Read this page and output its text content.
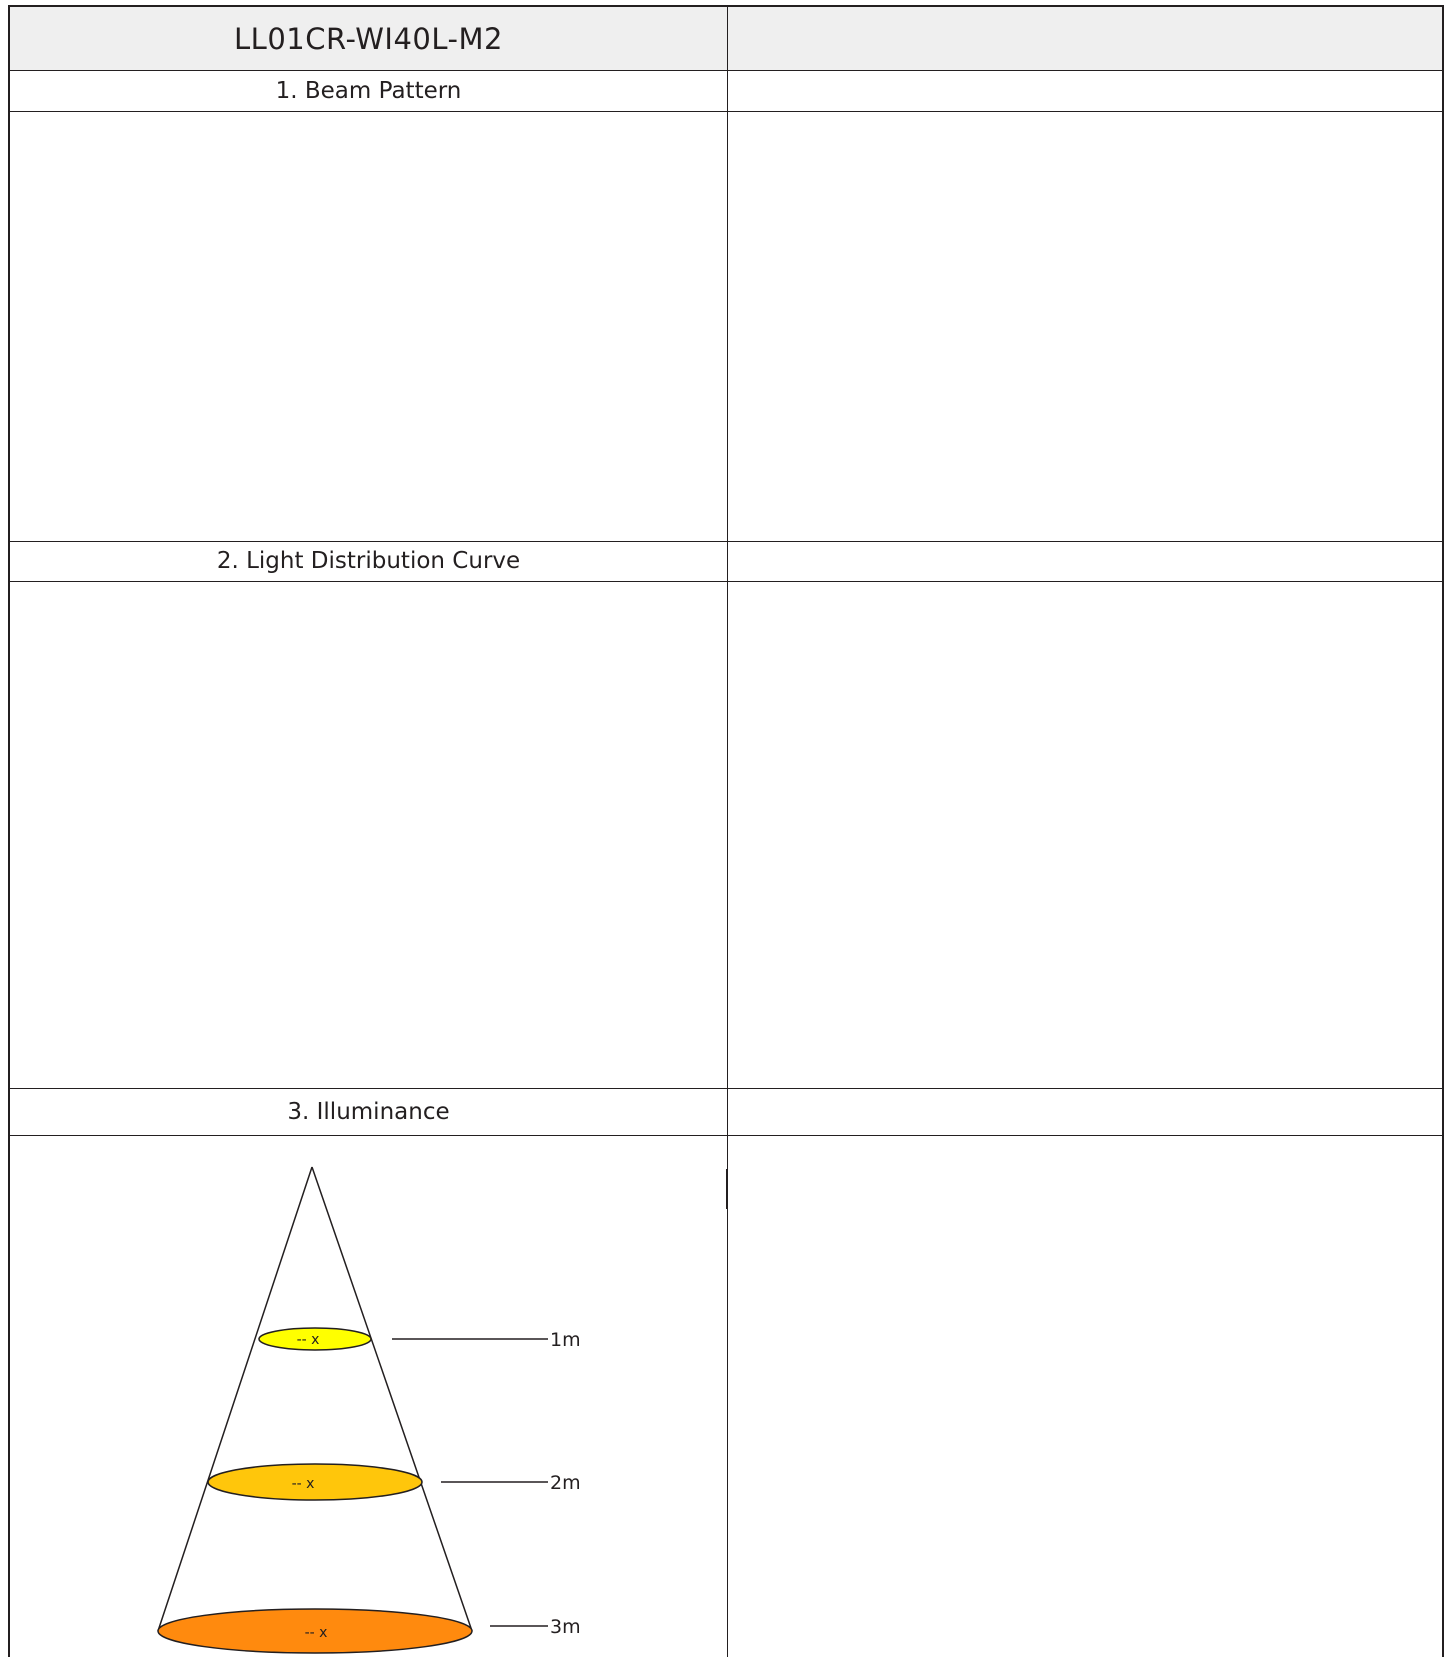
LL01CR-WI40L-M2
1. Beam Pattern
2. Light Distribution Curve
3. Illuminance
-- x	1m
-- x	2m
-- x	3m
